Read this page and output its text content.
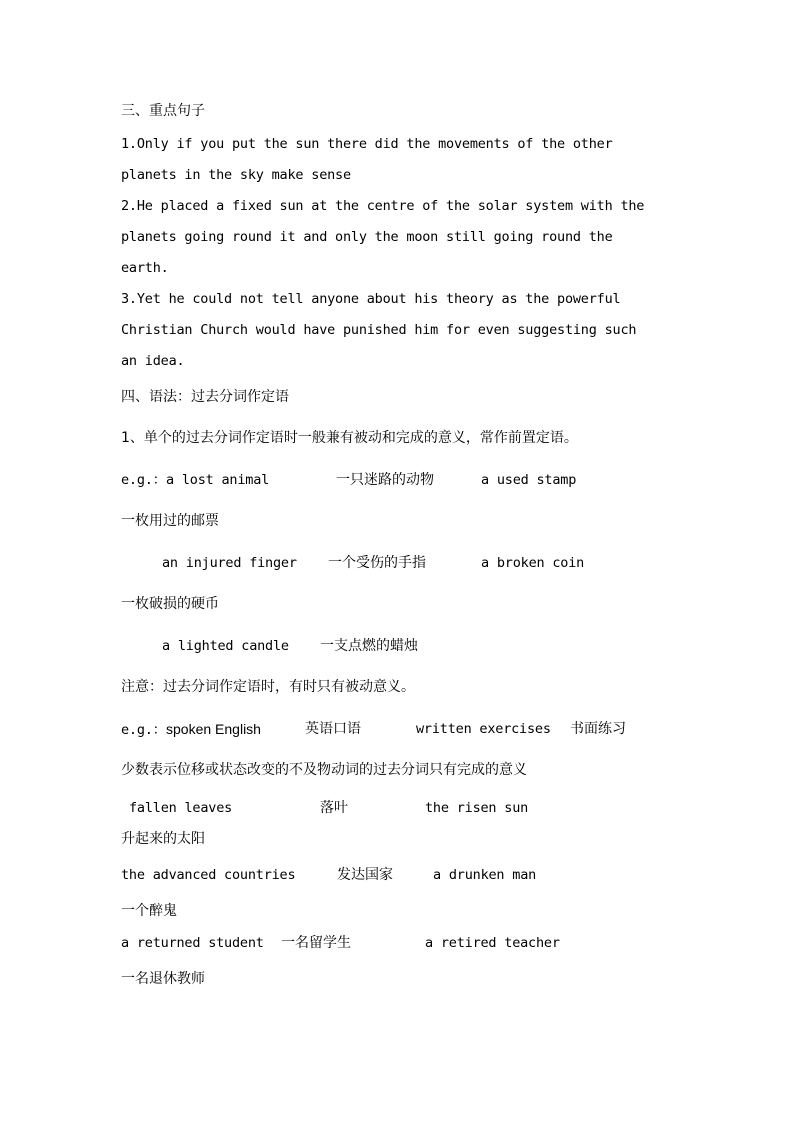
三、重点句子
1.Only if you put the sun there did the movements of the other
planets in the sky make sense
2.He placed a fixed sun at the centre of the solar system with the
planets going round it and only the moon still going round the
earth.
3.Yet he could not tell anyone about his theory as the powerful
Christian Church would have punished him for even suggesting such
an idea.
四、语法：过去分词作定语
1、单个的过去分词作定语时一般兼有被动和完成的意义，常作前置定语。
e.g.：a lost animal	一只迷路的动物	a used stamp
一枚用过的邮票
an injured finger 一个受伤的手指	a broken coin
一枚破损的硬币
a lighted candle 一支点燃的蜡烛
注意：过去分词作定语时，有时只有被动意义。
e.g.：spoken English	英语口语	written exercises 书面练习
少数表示位移或状态改变的不及物动词的过去分词只有完成的意义
fallen leaves	落叶	the risen sun
升起来的太阳
the advanced countries	发达国家	a drunken man
一个醉鬼
a returned student 一名留学生	a retired teacher
一名退休教师
